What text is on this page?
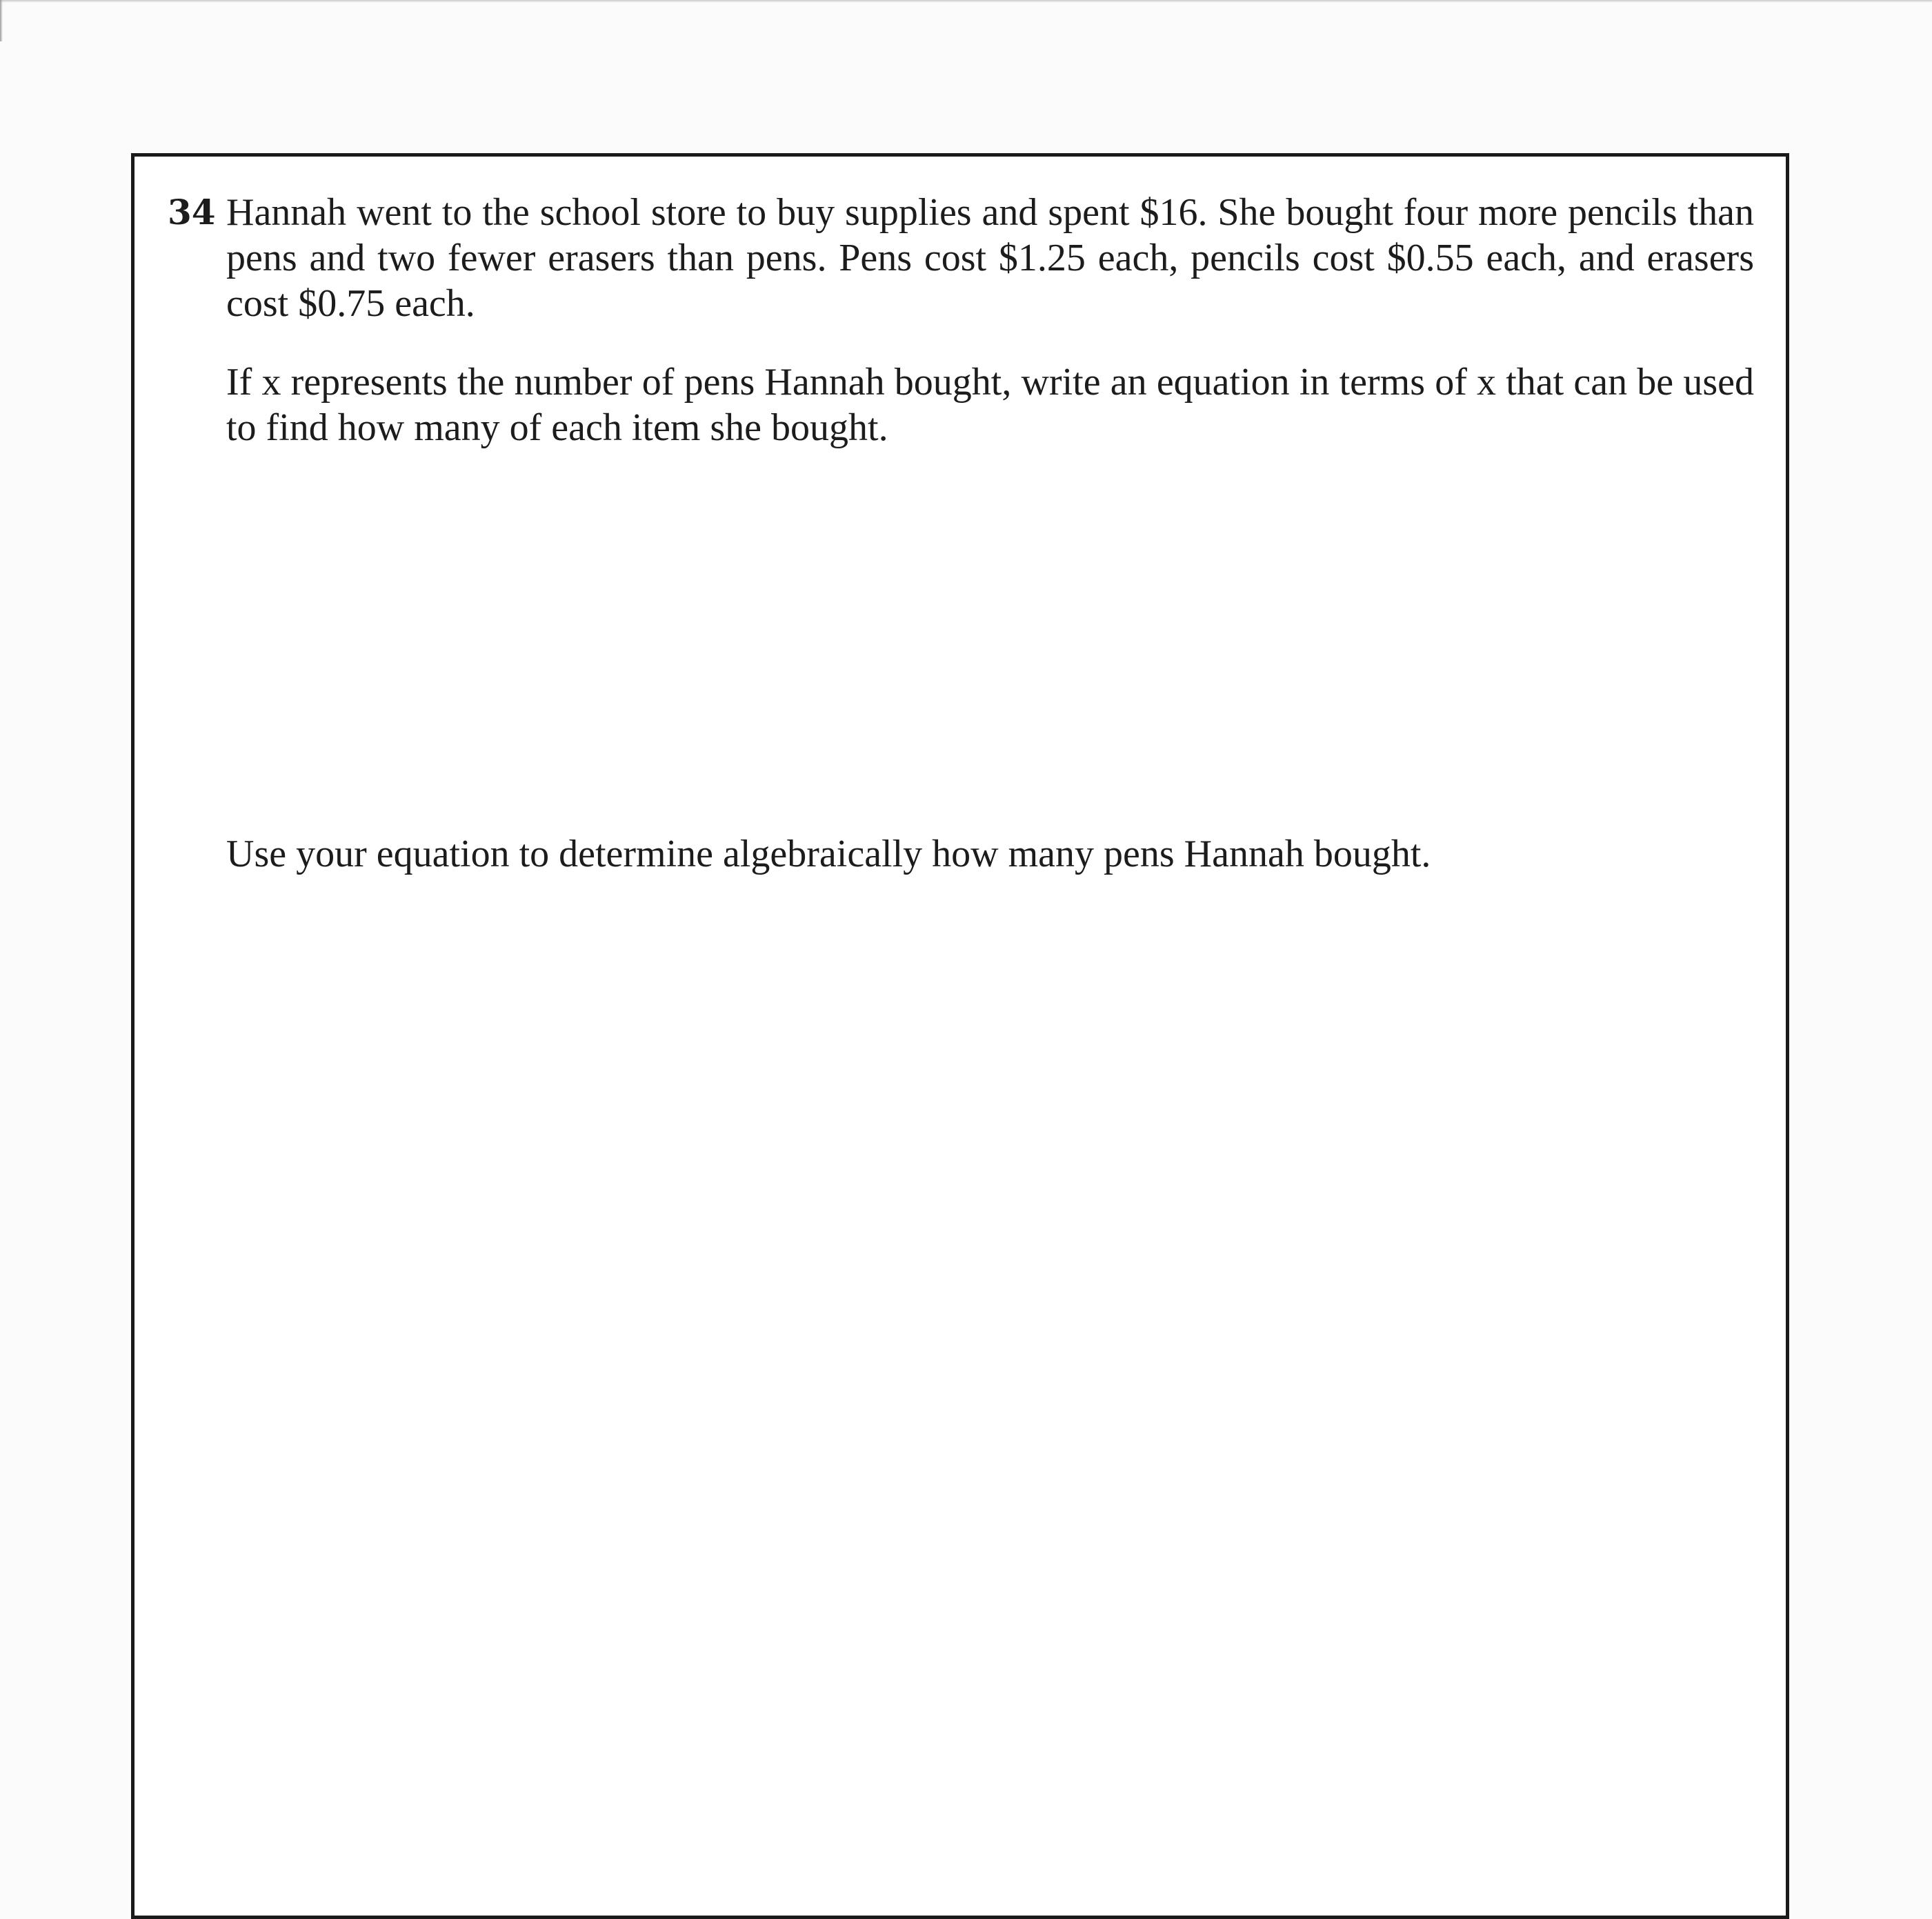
34 Hannah went to the school store to buy supplies and spent $16. She bought four more pencils than pens and two fewer erasers than pens. Pens cost $1.25 each, pencils cost $0.55 each, and erasers cost $0.75 each.

If x represents the number of pens Hannah bought, write an equation in terms of x that can be used to find how many of each item she bought.

Use your equation to determine algebraically how many pens Hannah bought.
